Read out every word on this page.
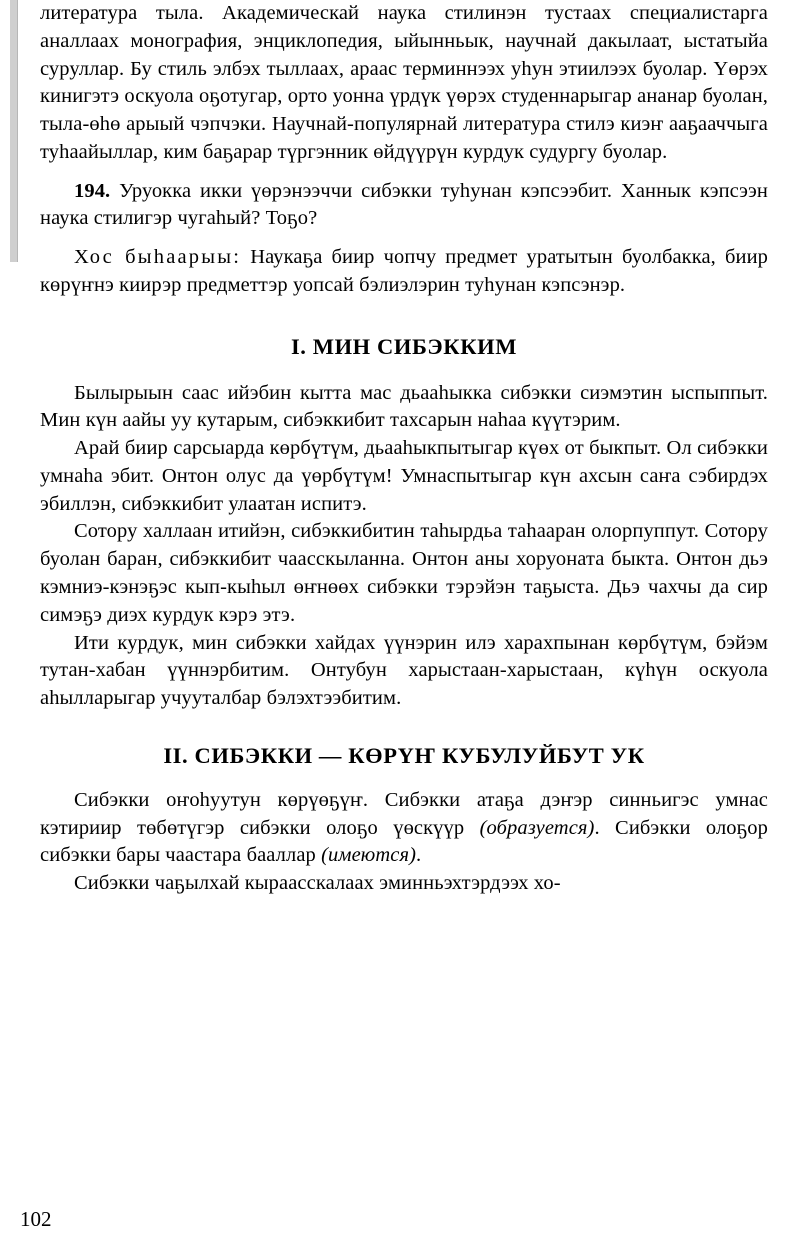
литература тыла. Академическай наука стилинэн тустаах специалистарга аналлаах монография, энциклопедия, ыйынньык, научнай дакылаат, ыстатыйа суруллар. Бу стиль элбэх тыллаах, араас терминнээх уһун этиилээх буолар. Үөрэх кинигэтэ оскуола оҕотугар, орто уонна үрдүк үөрэх студеннарыгар ананар буолан, тыла-өһө арыый чэпчэки. Научнай-популярнай литература стилэ киэҥ ааҕааччыга туһаайыллар, ким баҕарар түргэнник өйдүүрүн курдук судургу буолар.

194. Уруокка икки үөрэнээччи сибэкки туһунан кэпсээбит. Ханнык кэпсээн наука стилигэр чугаһый? Тоҕо?

Хос быһаарыы: Наукаҕа биир чопчу предмет уратытын буолбакка, биир көрүҥнэ киирэр предметтэр уопсай бэлиэлэрин туһунан кэпсэнэр.

I. МИН СИБЭККИМ

Былырыын саас ийэбин кытта мас дьааһыкка сибэкки сиэмэтин ыспыппыт. Мин күн аайы уу кутарым, сибэккибит тахсарын наһаа күүтэрим.

Арай биир сарсыарда көрбүтүм, дьааһыкпытыгар күөх от быкпыт. Ол сибэкки умнаһа эбит. Онтон олус да үөрбүтүм! Умнаспытыгар күн ахсын саҥа сэбирдэх эбиллэн, сибэккибит улаатан испитэ.

Сотору халлаан итийэн, сибэккибитин таһырдьа таһааран олорпуппут. Сотору буолан баран, сибэккибит чаасскыланна. Онтон аны хоруоната быкта. Онтон дьэ кэмниэ-кэнэҕэс кып-кыһыл өҥнөөх сибэкки тэрэйэн таҕыста. Дьэ чахчы да сир симэҕэ диэх курдук кэрэ этэ.

Ити курдук, мин сибэкки хайдах үүнэрин илэ харахпынан көрбүтүм, бэйэм тутан-хабан үүннэрбитим. Онтубун харыстаан-харыстаан, күһүн оскуола аһылларыгар учууталбар бэлэхтээбитим.

II. СИБЭККИ — КӨРҮҤ КУБУЛУЙБУТ УК

Сибэкки оҥоһуутун көрүөҕүҥ. Сибэкки атаҕа дэҥэр синньигэс умнас кэтириир төбөтүгэр сибэкки олоҕо үөскүүр (образуется). Сибэкки олоҕор сибэкки бары чаастара бааллар (имеются).

Сибэкки чаҕылхай кыраасскалаах эминньэхтэрдээх хо-

102
